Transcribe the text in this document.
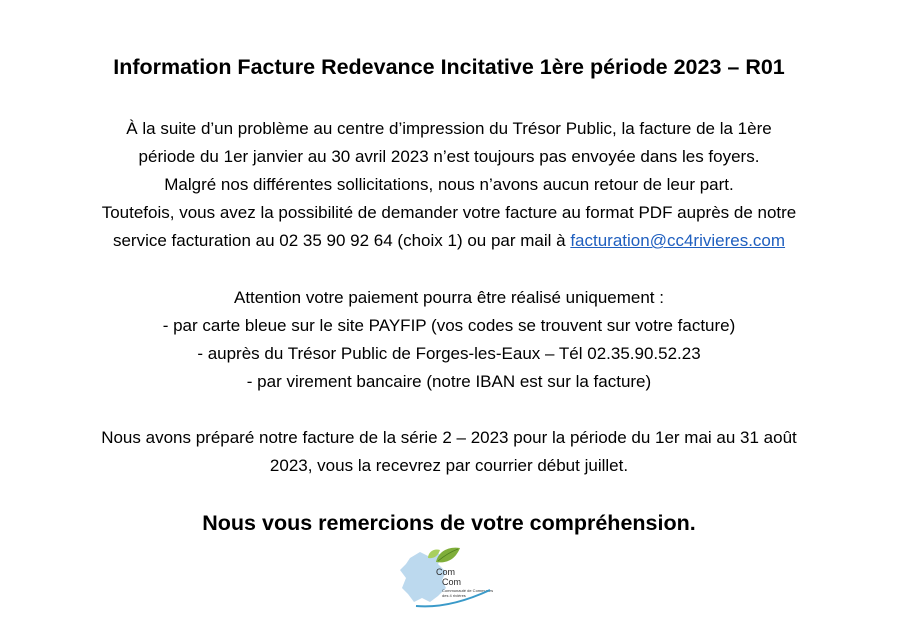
Information Facture Redevance Incitative 1ère période 2023 – R01

À la suite d’un problème au centre d’impression du Trésor Public, la facture de la 1ère

période du 1er janvier au 30 avril 2023 n’est toujours pas envoyée dans les foyers.

Malgré nos différentes sollicitations, nous n’avons aucun retour de leur part.

Toutefois, vous avez la possibilité de demander votre facture au format PDF auprès de notre

service facturation au 02 35 90 92 64 (choix 1) ou par mail à facturation@cc4rivieres.com

Attention votre paiement pourra être réalisé uniquement :

- par carte bleue sur le site PAYFIP (vos codes se trouvent sur votre facture)

- auprès du Trésor Public de Forges-les-Eaux – Tél 02.35.90.52.23

- par virement bancaire (notre IBAN est sur la facture)

Nous avons préparé notre facture de la série 2 – 2023 pour la période du 1er mai au 31 août

2023, vous la recevrez par courrier début juillet.

Nous vous remercions de votre compréhension.
Com
Com
Communauté de Communes
des 4 rivières
